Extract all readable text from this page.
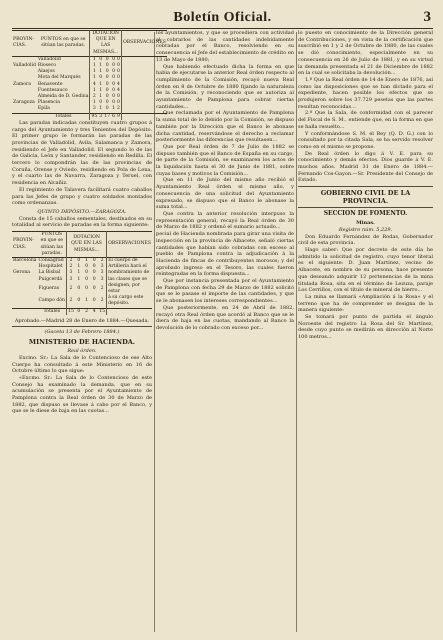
Boletín Oficial.	3
PROVIN-CIAS.	PUNTOS en que se sitúan las paradas.	DOTACION QUE EN LAS MISMAS...					OBSERVACIONES
	Valladolid	1	0	0	0	0	
Valladolid	Rioseco	1	1	0	0	0	
	Alaejos	1	1	0	0	0	
	Mota del Marqués	1	0	0	0	0	
Zamora	Benavente	4	1	0	0	4	
	Fuentesauco	1	1	0	0	4	
	Almeida de D. Gedina	2	1	0	0	0	
Zaragoza	Plasencia	1	0	0	0	0	
	Epila	3	1	0	1	2	
	Totales	95	3	17	6	9	

Las paradas indicadas constituyen cuatro grupos á cargo del Ayuntamiento y tres Tenientes del Depósito. El primer grupo le formarán las paradas de las provincias de Valladolid, Avila, Salamanca y Zamora, residiendo el Jefe en Valladolid. El segundo lo de las de Galicia, León y Santander, residiendo en Redilla. El tercero lo compondrán las de las provincias de Coruña, Orense y Oviedo, residiendo en Pola de Lena, y el cuarto las de Navarra, Zaragoza y Teruel, con residencia en Alcañiz.

El regimiento de Talavera facilitará cuatro caballos para las Jefes de grupo y cuatro soldados montados como ordenanzas.

QUINTO DEPÓSITO.—ZARAGOZA.

Consta de 15 caballos sementales, destinados en su totalidad al servicio de paradas en la forma siguiente:

PROVIN-CIAS.	PUNTOS en que se sitúan las paradas.	DOTACION QUE EN LAS MISMAS...					OBSERVACIONES
Barcelona	Consagrad	2	0	1	0	2	El cuerpo de
	Hospitalet	2	1	0	0	3	Artillería hará el
Gerona	La Bisbal	3	1	0	0	3	nombramiento de
	Puigcerdá	3	1	0	0	3	las clases que se
	Figueras	2	0	0	0	2	designen, por estar
	Campo dón	2	0	1	0	2	á su cargo este depósito.
	Totales	15	0	2	4	15	

Aprobado.—Madrid 28 de Enero de 1884.—Quesada.

(Gaceta 13 de Febrero 1884.)

MINISTERIO DE HACIENDA.

Real órden.

Excmo. Sr.: La Sala de lo Contencioso de ese Alto Cuerpo ha consultado á este Ministerio en 16 de Octubre último lo que sigue:

«Excmo. Sr.: La Sala de lo Contencioso de este Consejo ha examinado la demanda, que en su acumulación se presenta por el Ayuntamiento de Pamplona contra la Real órden de 30 de Marzo de 1882, que dispuso se llevase á cabo por el Banco, y que se le diese de baja en las cuotas...

los ayuntamientos, y que se procediera con actividad al cobrarlos de las cantidades indebidamente cobradas por el Banco, resolviendo en su consecuencia el Jefe del establecimiento de crédito en 13 de Mayo de 1880;

Que habiendo efectuado dicha la forma en que habia de ejecutarse la anterior Real órden respecto al cumplimiento de la Comisión, recayó nueva Real órden en 8 de Octubre de 1880 fijando la naturaleza de la Comisión, y reconociendo que se autoriza al ayuntamiento de Pamplona para cobrar ciertas cantidades...

Que reclamada por el Ayuntamiento de Pamplona la suma total de lo debido por la Comisión, se dispuso también por la Dirección que el Banco le abonase dicha cantidad, reservándose el derecho a reclamar posteriormente las diferencias que resultasen...

Que por Real órden de 7 de Julio de 1882 se dispuso también que el Banco de España en su cargo, de parte de la Comisión, se examinaren los actos de la liquidación hasta el 30 de Junio de 1881, sobre cuyas bases y motivos la Comisión...

Que en 11 de Junio del mismo año recibió el Ayuntamiento Real órden el mismo año, y consecuencia de una solicitud del Ayuntamiento expresado, se dispuso que el Banco le abonase la suma total...

Que contra la anterior resolución interpuso la representación general, recayó la Real órden de 30 de Marzo de 1882 y ordenó el sumario actuado...

pecial de Hacienda nombrada para girar una visita de inspección en la provincia de Albacete, señaló ciertas cantidades que habían sido cobradas con exceso al pueblo de Pamplona contra la adjudicación á la Hacienda de fincas de contribuyentes morosos; y del aprobado ingreso en el Tesoro, las cuales fueron reintegradas en la forma dispuesta...

Que por instancia presentada por el Ayuntamiento de Pamplona con fecha 29 de Marzo de 1882 solicitó que se le pasase el importe de las cantidades, y que se le abonasen los intereses correspondientes...

Que posteriormente, en 24 de Abril de 1882, recayó otra Real órden que acordó al Banco que se le diera de baja en las cuotas, mandando al Banco la devolución de lo cobrado con exceso por...

lo puesto en conocimiento de la Dirección general de Contribuciones, y en vista de la certificación que suscribió en 1 y 2 de Octubre de 1880, de las cuales se dió conocimiento, especialmente en su consecuencia en 26 de Julio de 1881, y en su virtud la demanda presentada el 21 de Diciembre de 1882 en la cual se solicitaba la devolución...

1.º Que la Real órden de 14 de Enero de 1876, así como las disposiciones que se han dictado para el expediente, hacen posible los efectos que se produjeron sobre los 37.729 pesetas que las partes resultan reconocidas...

2.º Que la Sala, de conformidad con el parecer del Fiscal de S. M., entiende que, en la forma en que se halla resuelto...

Y conformándose S. M. el Rey (Q. D. G.) con lo consultado por la citada Sala, se ha servido resolver como en el mismo se propone.

De Real órden lo digo á V. E. para su conocimiento y demás efectos. Dios guarde á V. E. muchos años. Madrid 31 de Enero de 1884.—Fernando Cos-Gayon.—Sr. Presidente del Consejo de Estado.

GOBIERNO CIVIL DE LA PROVINCIA.
SECCION DE FOMENTO.

Minas.

Registro núm. 5,229.

Don Eduardo Fernández de Rodas, Gobernador civil de esta provincia.

Hago saber: Que por decreto de este día he admitido la solicitud de registro, cuyo tenor literal es el siguiente: D. Juan Martínez, vecino de Albacete, en nombre de su persona, hace presente que deseando adquirir 12 pertenencias de la mina titulada Rosa, sita en el término de Lezuza, paraje Los Cerrillos, con el título de mineral de hierro...

La mina se llamará «Ampliación á la Rosa» y el terreno que ha de comprender se designa de la manera siguiente:

Se tomará por punto de partida el ángulo Noroeste del registro La Rosa del Sr. Martínez, desde cuyo punto se medirán en dirección al Norte 100 metros...
